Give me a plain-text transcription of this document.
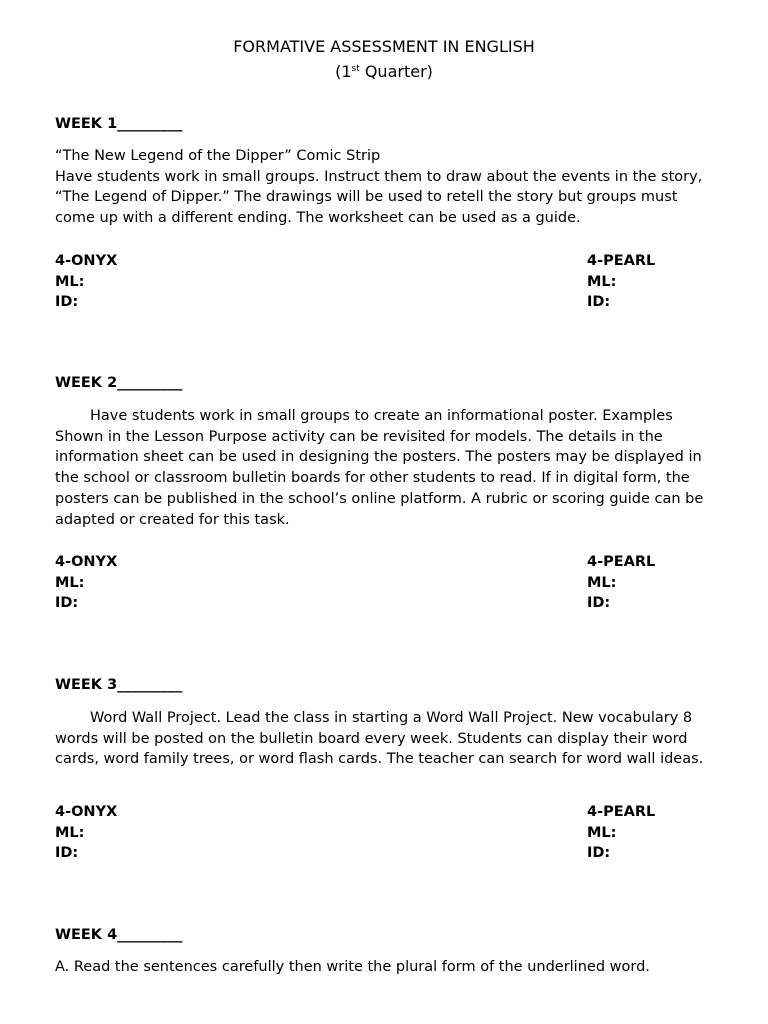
FORMATIVE ASSESSMENT IN ENGLISH
(1st Quarter)
WEEK 1_________
“The New Legend of the Dipper” Comic Strip
Have students work in small groups. Instruct them to draw about the events in the story,
“The Legend of Dipper.” The drawings will be used to retell the story but groups must
come up with a different ending. The worksheet can be used as a guide.
4-ONYX
ML:
ID:
4-PEARL
ML:
ID:
WEEK 2_________
Have students work in small groups to create an informational poster. Examples
Shown in the Lesson Purpose activity can be revisited for models. The details in the
information sheet can be used in designing the posters. The posters may be displayed in
the school or classroom bulletin boards for other students to read. If in digital form, the
posters can be published in the school’s online platform. A rubric or scoring guide can be
adapted or created for this task.
4-ONYX
ML:
ID:
4-PEARL
ML:
ID:
WEEK 3_________
Word Wall Project. Lead the class in starting a Word Wall Project. New vocabulary 8
words will be posted on the bulletin board every week. Students can display their word
cards, word family trees, or word flash cards. The teacher can search for word wall ideas.
4-ONYX
ML:
ID:
4-PEARL
ML:
ID:
WEEK 4_________
A. Read the sentences carefully then write the plural form of the underlined word.
